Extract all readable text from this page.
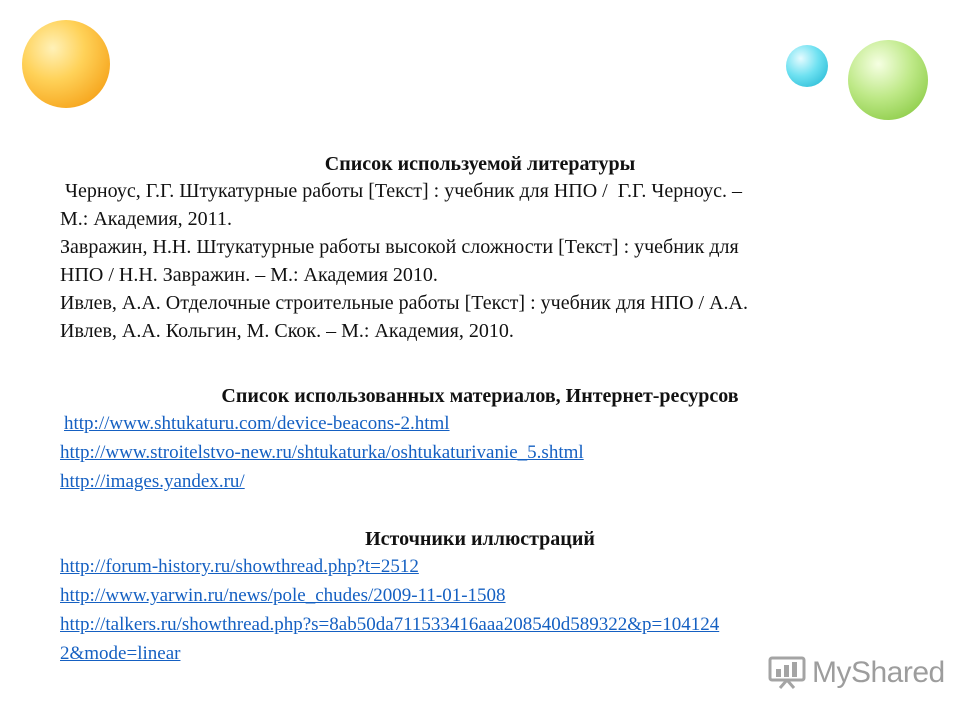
Список используемой литературы
Черноус, Г.Г. Штукатурные работы [Текст] : учебник для НПО /  Г.Г. Черноус. –
М.: Академия, 2011.
Завражин, Н.Н. Штукатурные работы высокой сложности [Текст] : учебник для
НПО / Н.Н. Завражин. – М.: Академия 2010.
Ивлев, А.А. Отделочные строительные работы [Текст] : учебник для НПО / А.А.
Ивлев, А.А. Кольгин, М. Скок. – М.: Академия, 2010.
Список использованных материалов, Интернет-ресурсов
http://www.shtukaturu.com/device-beacons-2.html
http://www.stroitelstvo-new.ru/shtukaturka/oshtukaturivanie_5.shtml
http://images.yandex.ru/
Источники иллюстраций
http://forum-history.ru/showthread.php?t=2512
http://www.yarwin.ru/news/pole_chudes/2009-11-01-1508
http://talkers.ru/showthread.php?s=8ab50da711533416aaa208540d589322&p=104124
2&mode=linear
MyShared
